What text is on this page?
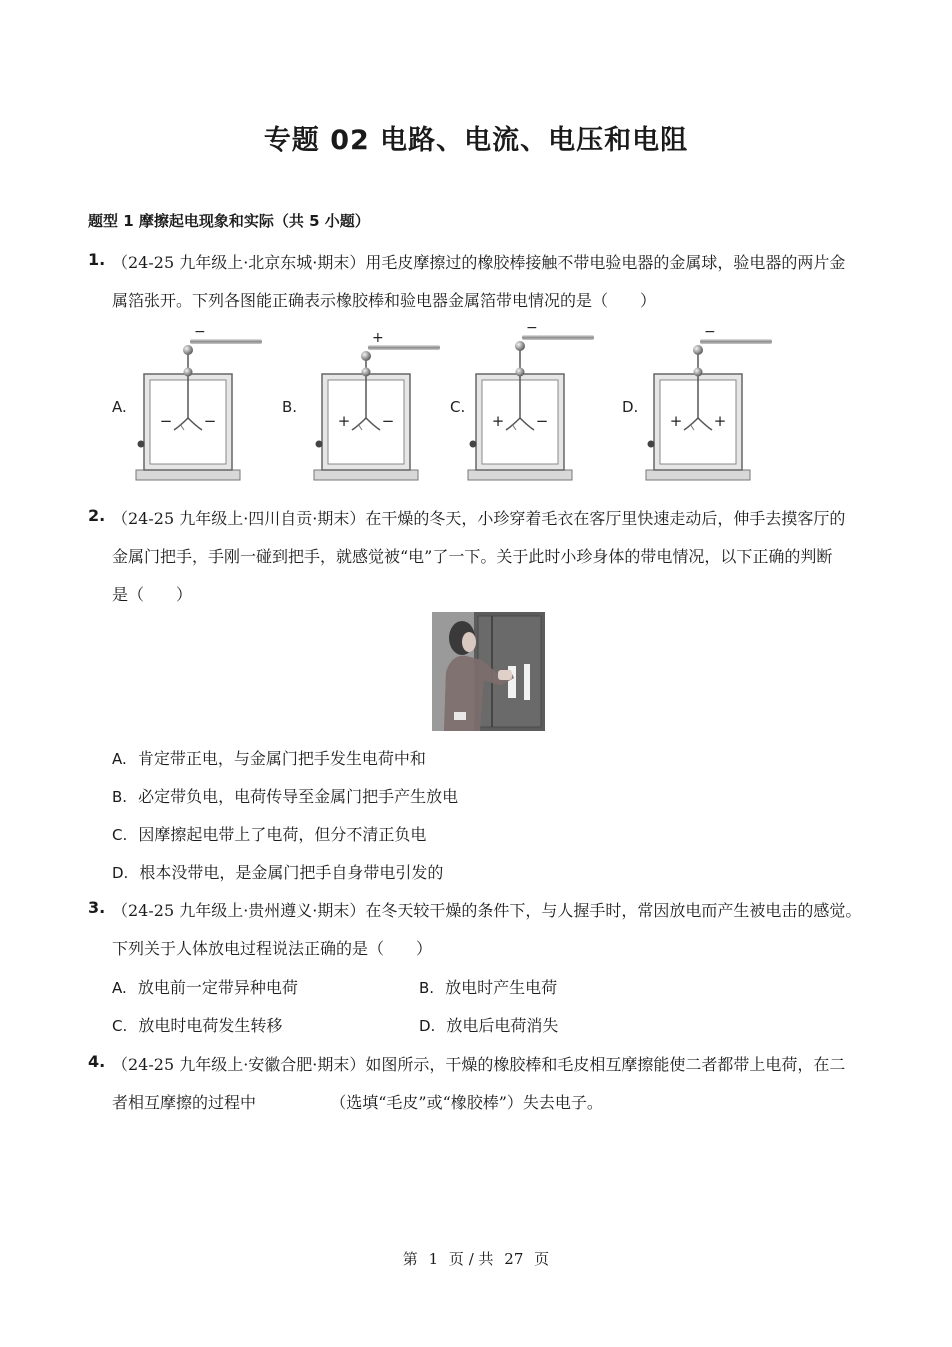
专题 02 电路、电流、电压和电阻
题型 1 摩擦起电现象和实际（共 5 小题）
1. （24-25 九年级上·北京东城·期末）用毛皮摩擦过的橡胶棒接触不带电验电器的金属球，验电器的两片金
属箔张开。下列各图能正确表示橡胶棒和验电器金属箔带电情况的是（　　）
A.
−
− −
B.
+
+ −
C.
−
+ −
D.
−
+ +
2. （24-25 九年级上·四川自贡·期末）在干燥的冬天，小珍穿着毛衣在客厅里快速走动后，伸手去摸客厅的
金属门把手，手刚一碰到把手，就感觉被“电”了一下。关于此时小珍身体的带电情况，以下正确的判断
是（　　）
A. 肯定带正电，与金属门把手发生电荷中和
B. 必定带负电，电荷传导至金属门把手产生放电
C. 因摩擦起电带上了电荷，但分不清正负电
D. 根本没带电，是金属门把手自身带电引发的
3. （24-25 九年级上·贵州遵义·期末）在冬天较干燥的条件下，与人握手时，常因放电而产生被电击的感觉。
下列关于人体放电过程说法正确的是（　　）
A. 放电前一定带异种电荷	B. 放电时产生电荷
C. 放电时电荷发生转移	D. 放电后电荷消失
4. （24-25 九年级上·安徽合肥·期末）如图所示，干燥的橡胶棒和毛皮相互摩擦能使二者都带上电荷，在二
者相互摩擦的过程中	（选填“毛皮”或“橡胶棒”）失去电子。
第 1 页 / 共 27 页
